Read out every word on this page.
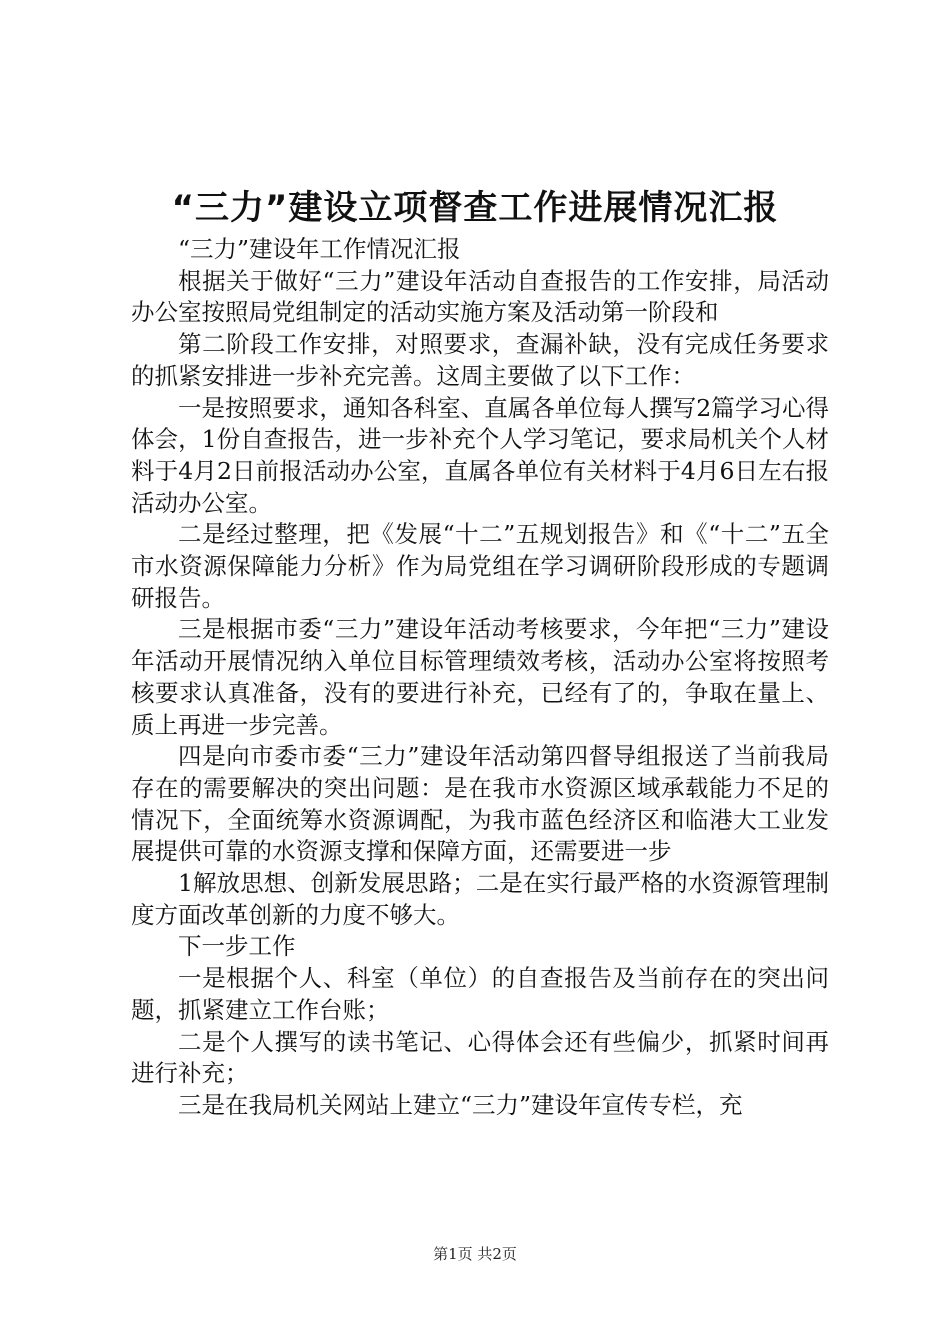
“三力”建设立项督查工作进展情况汇报

“三力”建设年工作情况汇报

根据关于做好“三力”建设年活动自查报告的工作安排，局活动办公室按照局党组制定的活动实施方案及活动第一阶段和

第二阶段工作安排，对照要求，查漏补缺，没有完成任务要求的抓紧安排进一步补充完善。这周主要做了以下工作：

一是按照要求，通知各科室、直属各单位每人撰写2篇学习心得体会，1份自查报告，进一步补充个人学习笔记，要求局机关个人材料于4月2日前报活动办公室，直属各单位有关材料于4月6日左右报活动办公室。

二是经过整理，把《发展“十二”五规划报告》和《“十二”五全市水资源保障能力分析》作为局党组在学习调研阶段形成的专题调研报告。

三是根据市委“三力”建设年活动考核要求，今年把“三力”建设年活动开展情况纳入单位目标管理绩效考核，活动办公室将按照考核要求认真准备，没有的要进行补充，已经有了的，争取在量上、质上再进一步完善。

四是向市委市委“三力”建设年活动第四督导组报送了当前我局存在的需要解决的突出问题：是在我市水资源区域承载能力不足的情况下，全面统筹水资源调配，为我市蓝色经济区和临港大工业发展提供可靠的水资源支撑和保障方面，还需要进一步

1解放思想、创新发展思路；二是在实行最严格的水资源管理制度方面改革创新的力度不够大。

下一步工作

一是根据个人、科室（单位）的自查报告及当前存在的突出问题，抓紧建立工作台账；

二是个人撰写的读书笔记、心得体会还有些偏少，抓紧时间再进行补充；

三是在我局机关网站上建立“三力”建设年宣传专栏，充

第1页 共2页
